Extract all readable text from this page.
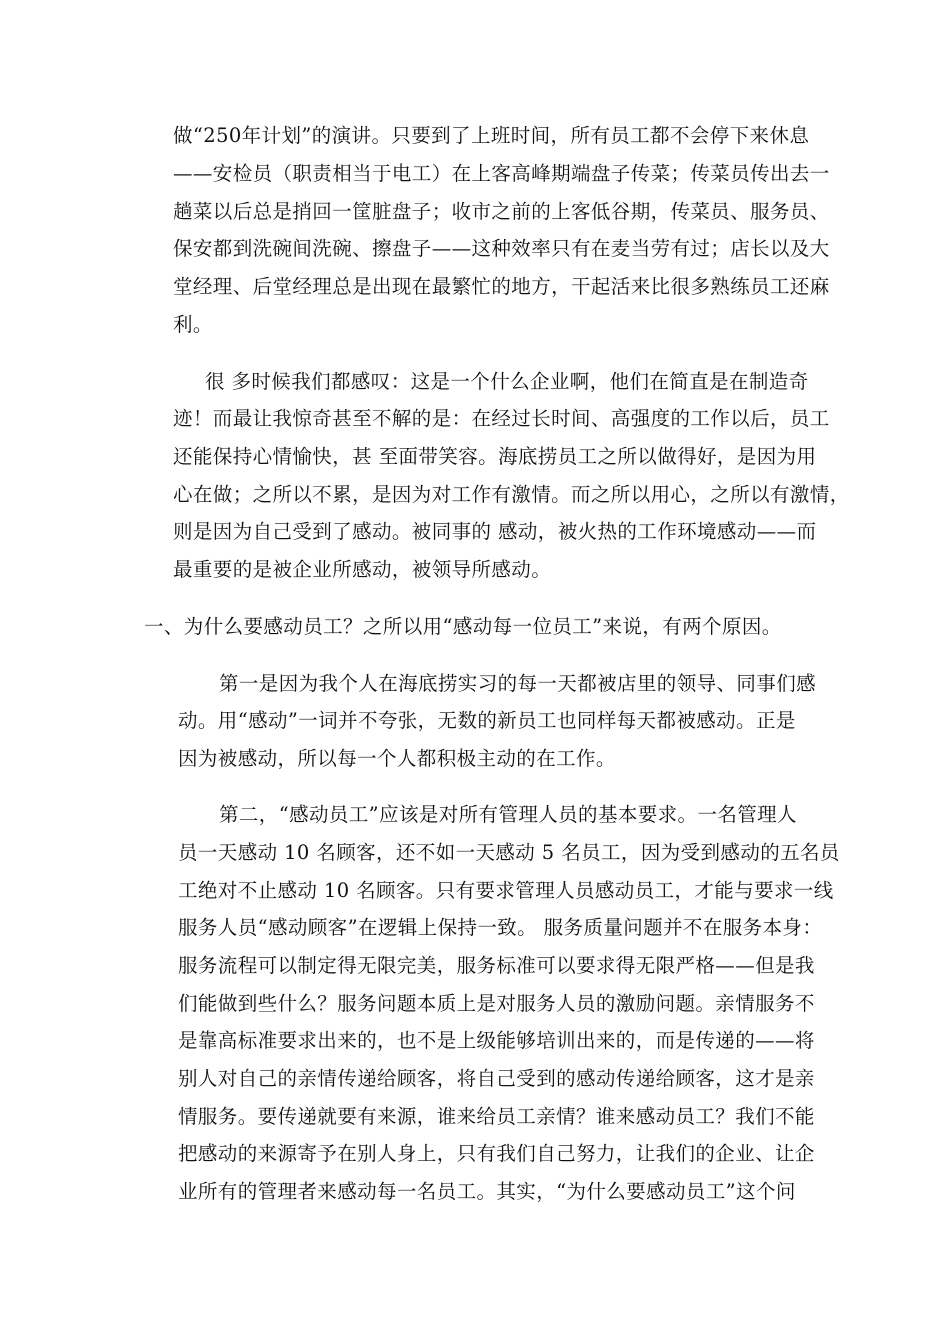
做“250年计划”的演讲。只要到了上班时间，所有员工都不会停下来休息
——安检员（职责相当于电工）在上客高峰期端盘子传菜；传菜员传出去一
趟菜以后总是捎回一筐脏盘子；收市之前的上客低谷期，传菜员、服务员、
保安都到洗碗间洗碗、擦盘子——这种效率只有在麦当劳有过；店长以及大
堂经理、后堂经理总是出现在最繁忙的地方，干起活来比很多熟练员工还麻
利。
很 多时候我们都感叹：这是一个什么企业啊，他们在简直是在制造奇
迹！而最让我惊奇甚至不解的是：在经过长时间、高强度的工作以后，员工
还能保持心情愉快，甚 至面带笑容。海底捞员工之所以做得好，是因为用
心在做；之所以不累，是因为对工作有激情。而之所以用心，之所以有激情，
则是因为自己受到了感动。被同事的 感动，被火热的工作环境感动——而
最重要的是被企业所感动，被领导所感动。
一、为什么要感动员工？之所以用“感动每一位员工”来说，有两个原因。
第一是因为我个人在海底捞实习的每一天都被店里的领导、同事们感
动。用“感动”一词并不夸张，无数的新员工也同样每天都被感动。正是
因为被感动，所以每一个人都积极主动的在工作。
第二，“感动员工”应该是对所有管理人员的基本要求。一名管理人
员一天感动 10 名顾客，还不如一天感动 5 名员工，因为受到感动的五名员
工绝对不止感动 10 名顾客。只有要求管理人员感动员工，才能与要求一线
服务人员“感动顾客”在逻辑上保持一致。 服务质量问题并不在服务本身：
服务流程可以制定得无限完美，服务标准可以要求得无限严格——但是我
们能做到些什么？服务问题本质上是对服务人员的激励问题。亲情服务不
是靠高标准要求出来的，也不是上级能够培训出来的，而是传递的——将
别人对自己的亲情传递给顾客，将自己受到的感动传递给顾客，这才是亲
情服务。要传递就要有来源，谁来给员工亲情？谁来感动员工？我们不能
把感动的来源寄予在别人身上，只有我们自己努力，让我们的企业、让企
业所有的管理者来感动每一名员工。其实，“为什么要感动员工”这个问
